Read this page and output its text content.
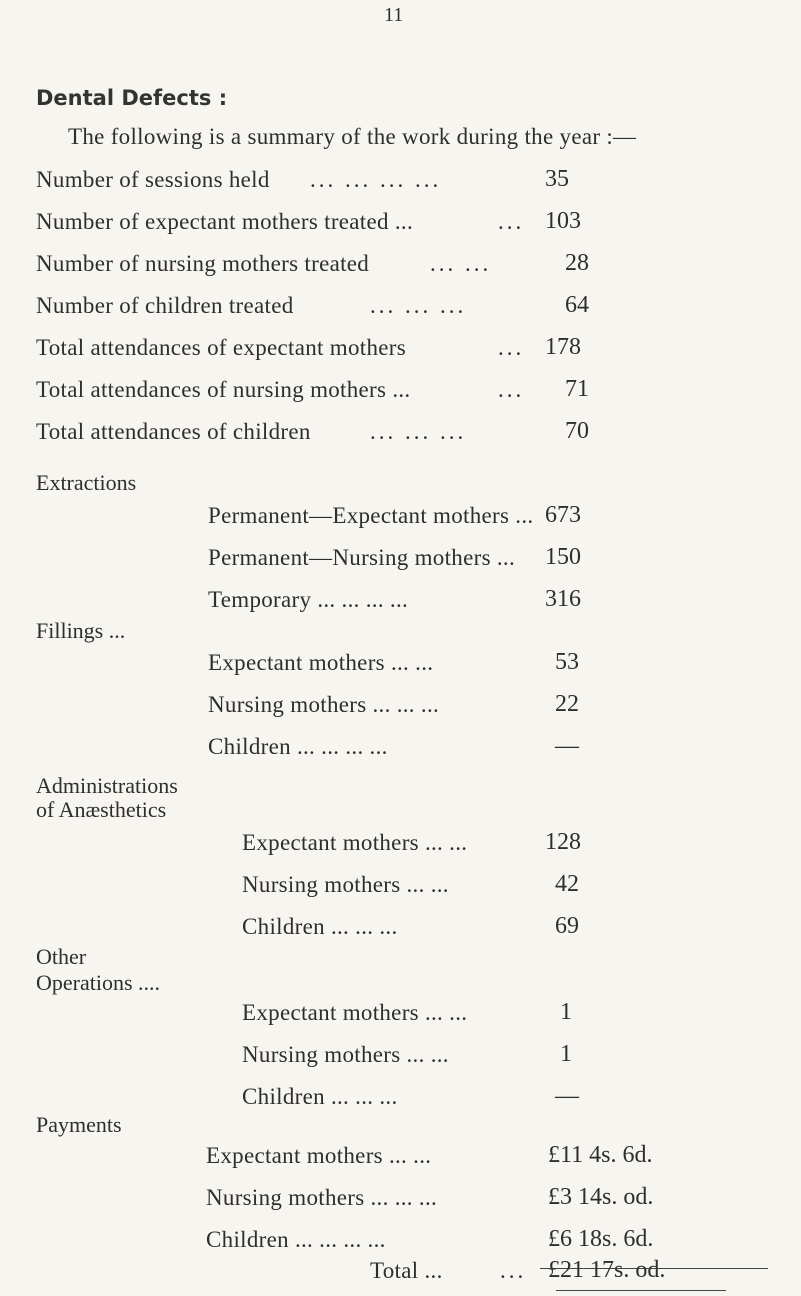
11
Dental Defects :
The following is a summary of the work during the year :—
Number of sessions held ... ... ... ...	35
Number of expectant mothers treated ...	... 103
Number of nursing mothers treated	... ...	28
Number of children treated	... ... ...	64
Total attendances of expectant mothers	... 178
Total attendances of nursing mothers ...	... 71
Total attendances of children	... ... ...	70
Extractions
Permanent—Expectant mothers ... 673
Permanent—Nursing mothers ... 150
Temporary ... ... ... ...	316
Fillings ...
Expectant mothers ... ...	53
Nursing mothers ... ... ...	22
Children ... ... ... ...	—
Administrations
of Anæsthetics
Expectant mothers ... ...	128
Nursing mothers ... ...	42
Children ... ... ...	69
Other
Operations ....
Expectant mothers ... ...	1
Nursing mothers ... ...	1
Children ... ... ...	—
Payments
Expectant mothers ... ...	£11 4s. 6d.
Nursing mothers ... ... ...	£3 14s. od.
Children ... ... ... ...	£6 18s. 6d.
Total ... ... £21 17s. od.
